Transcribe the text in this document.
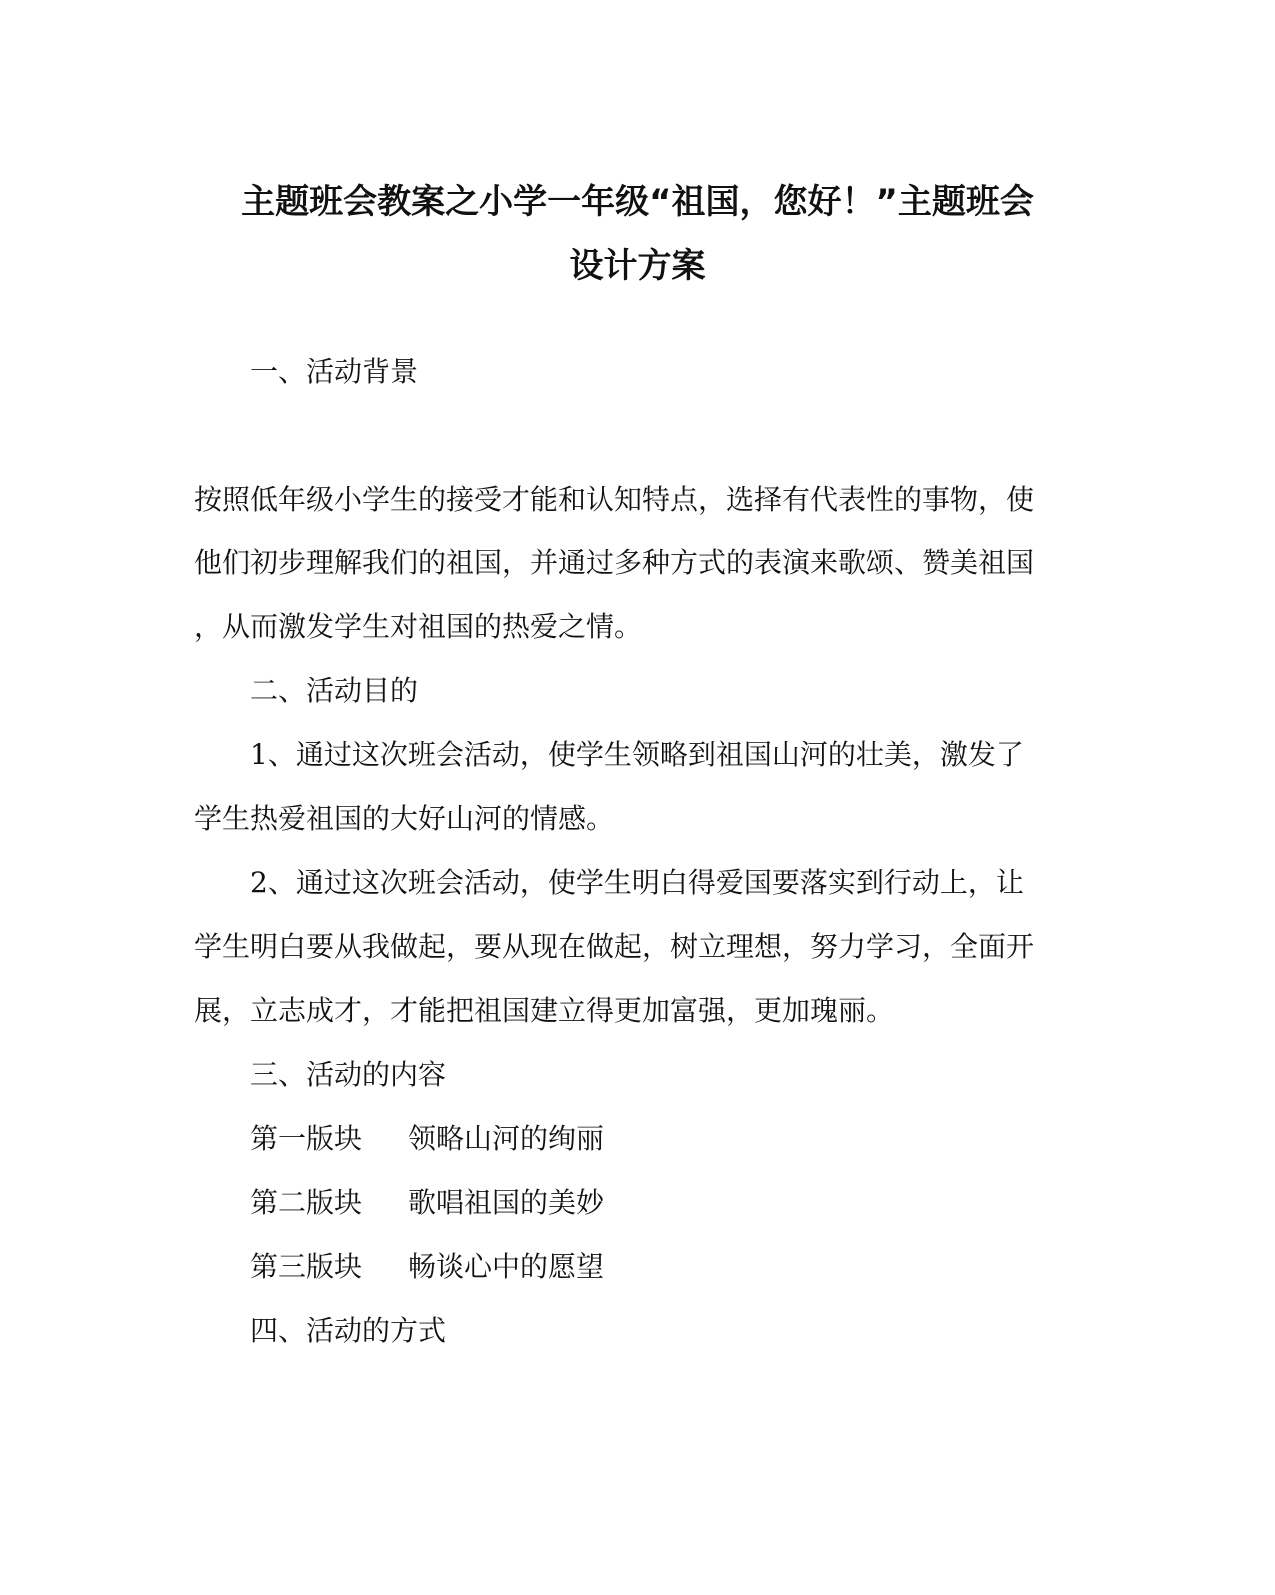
主题班会教案之小学一年级“祖国，您好！”主题班会
设计方案

一、活动背景

按照低年级小学生的接受才能和认知特点，选择有代表性的事物，使

他们初步理解我们的祖国，并通过多种方式的表演来歌颂、赞美祖国

，从而激发学生对祖国的热爱之情。

二、活动目的

1、通过这次班会活动，使学生领略到祖国山河的壮美，激发了

学生热爱祖国的大好山河的情感。

2、通过这次班会活动，使学生明白得爱国要落实到行动上，让

学生明白要从我做起，要从现在做起，树立理想，努力学习，全面开

展，立志成才，才能把祖国建立得更加富强，更加瑰丽。

三、活动的内容

第一版块 领略山河的绚丽

第二版块 歌唱祖国的美妙

第三版块 畅谈心中的愿望

四、活动的方式
